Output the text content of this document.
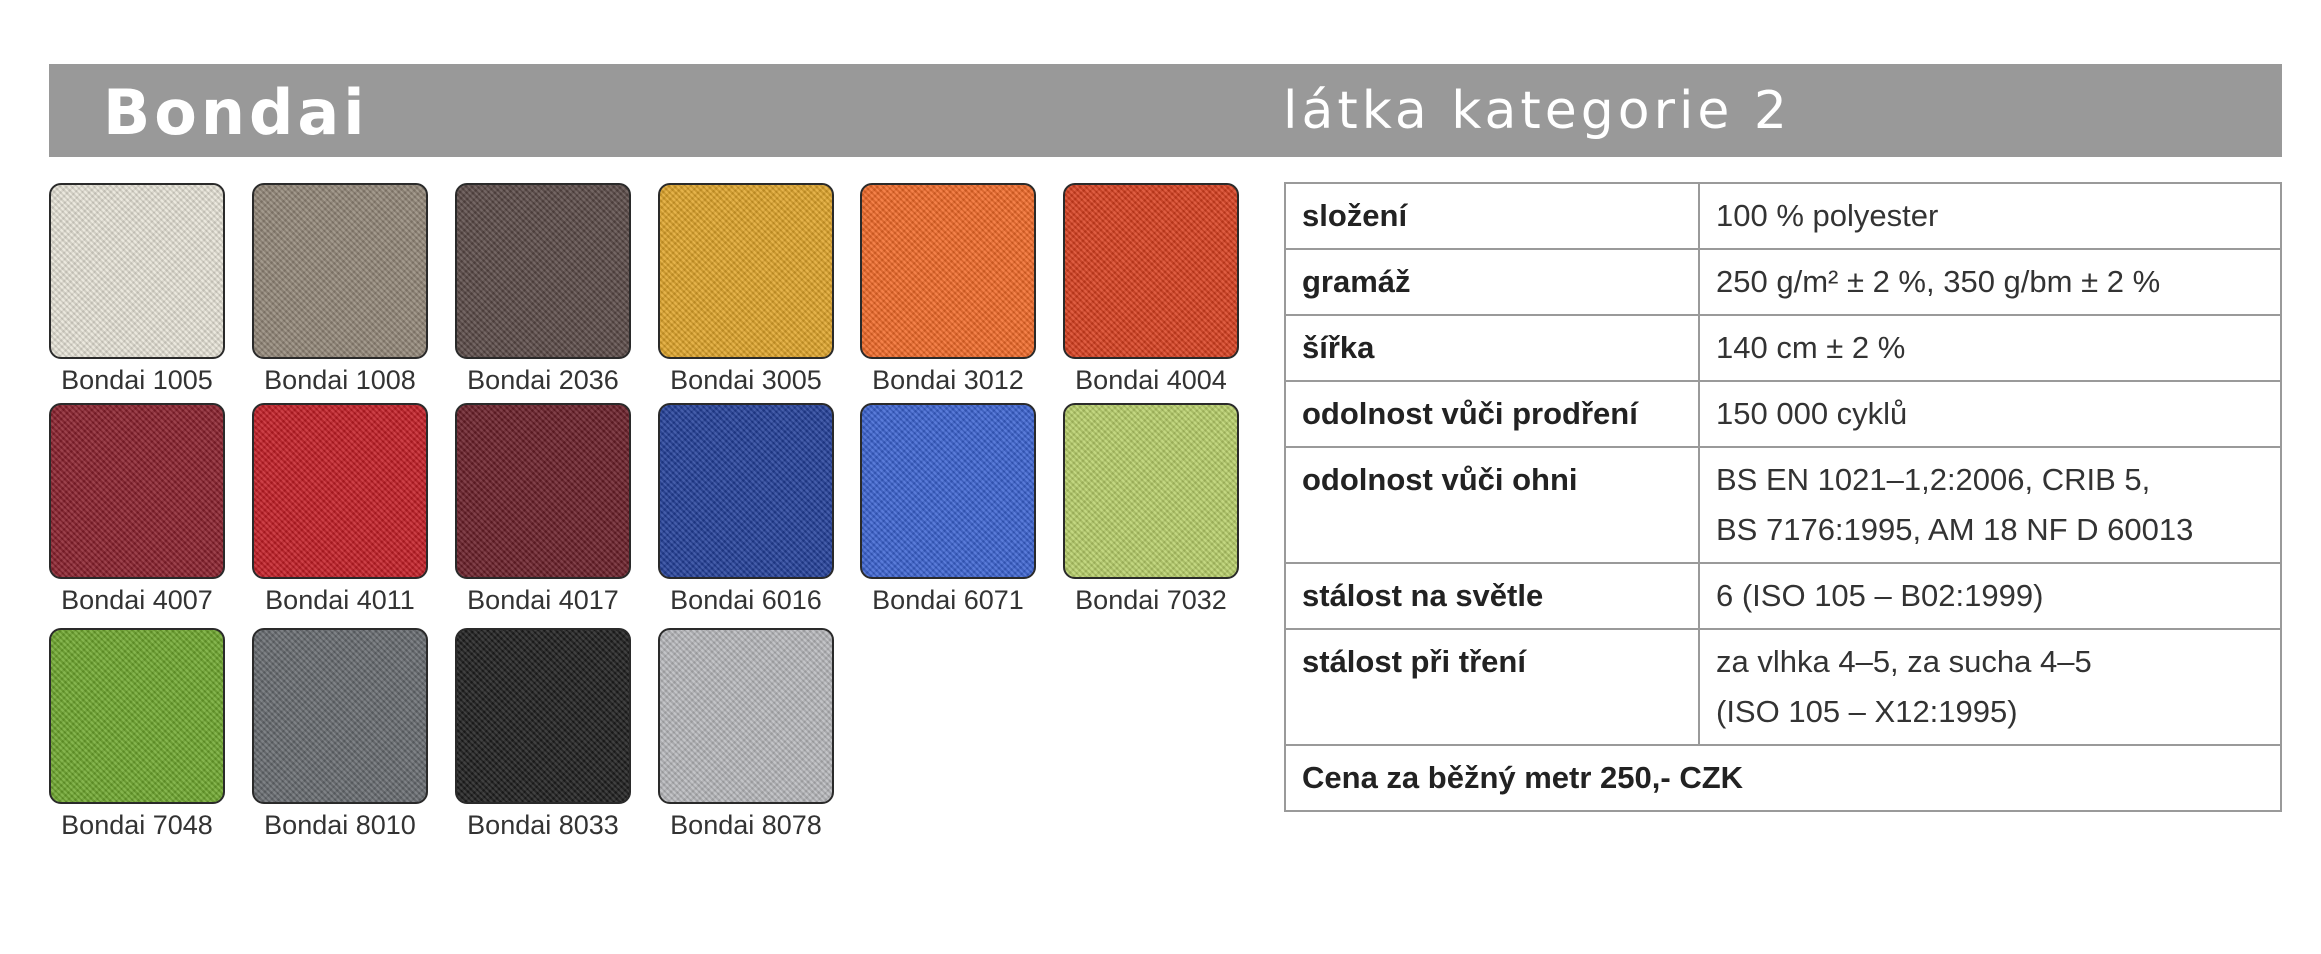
Bondai	látka kategorie 2
Bondai 1005	Bondai 1008	Bondai 2036	Bondai 3005	Bondai 3012	Bondai 4004
Bondai 4007	Bondai 4011	Bondai 4017	Bondai 6016	Bondai 6071	Bondai 7032
Bondai 7048	Bondai 8010	Bondai 8033	Bondai 8078
složení	100 % polyester

gramáž	250 g/m² ± 2 %, 350 g/bm ± 2 %

šířka	140 cm ± 2 %

odolnost vůči prodření	150 000 cyklů

odolnost vůči ohni	BS EN 1021–1,2:2006, CRIB 5,
BS 7176:1995, AM 18 NF D 60013

stálost na světle	6 (ISO 105 – B02:1999)

stálost při tření	za vlhka 4–5, za sucha 4–5
(ISO 105 – X12:1995)

Cena za běžný metr 250,- CZK	
